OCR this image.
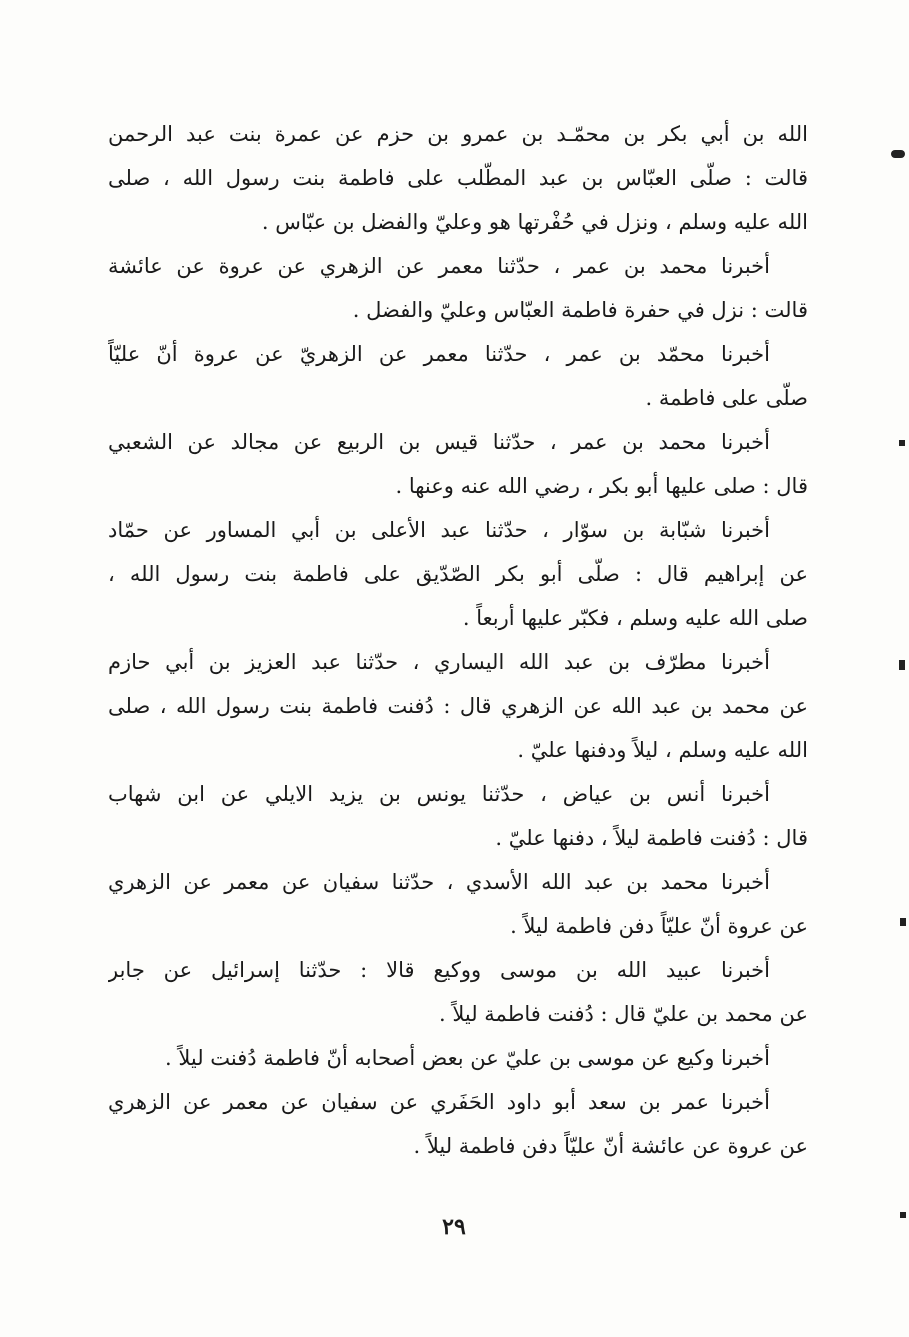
الله بن أبي بكر بن محمّـد بن عمرو بن حزم عن عمرة بنت عبد الرحمن
قالت : صلّى العبّاس بن عبد المطّلب على فاطمة بنت رسول الله ، صلى
الله عليه وسلم ، ونزل في حُفْرتها هو وعليّ والفضل بن عبّاس .
أخبرنا محمد بن عمر ، حدّثنا معمر عن الزهري عن عروة عن عائشة
قالت : نزل في حفرة فاطمة العبّاس وعليّ والفضل .
أخبرنا محمّد بن عمر ، حدّثنا معمر عن الزهريّ عن عروة أنّ عليّاً
صلّى على فاطمة .
أخبرنا محمد بن عمر ، حدّثنا قيس بن الربيع عن مجالد عن الشعبي
قال : صلى عليها أبو بكر ، رضي الله عنه وعنها .
أخبرنا شبّابة بن سوّار ، حدّثنا عبد الأعلى بن أبي المساور عن حمّاد
عن إبراهيم قال : صلّى أبو بكر الصّدّيق على فاطمة بنت رسول الله ،
صلى الله عليه وسلم ، فكبّر عليها أربعاً .
أخبرنا مطرّف بن عبد الله اليساري ، حدّثنا عبد العزيز بن أبي حازم
عن محمد بن عبد الله عن الزهري قال : دُفنت فاطمة بنت رسول الله ، صلى
الله عليه وسلم ، ليلاً ودفنها عليّ .
أخبرنا أنس بن عياض ، حدّثنا يونس بن يزيد الايلي عن ابن شهاب
قال : دُفنت فاطمة ليلاً ، دفنها عليّ .
أخبرنا محمد بن عبد الله الأسدي ، حدّثنا سفيان عن معمر عن الزهري
عن عروة أنّ عليّاً دفن فاطمة ليلاً .
أخبرنا عبيد الله بن موسى ووكيع قالا : حدّثنا إسرائيل عن جابر
عن محمد بن عليّ قال : دُفنت فاطمة ليلاً .
أخبرنا وكيع عن موسى بن عليّ عن بعض أصحابه أنّ فاطمة دُفنت ليلاً .
أخبرنا عمر بن سعد أبو داود الحَفَري عن سفيان عن معمر عن الزهري
عن عروة عن عائشة أنّ عليّاً دفن فاطمة ليلاً .
٢٩
